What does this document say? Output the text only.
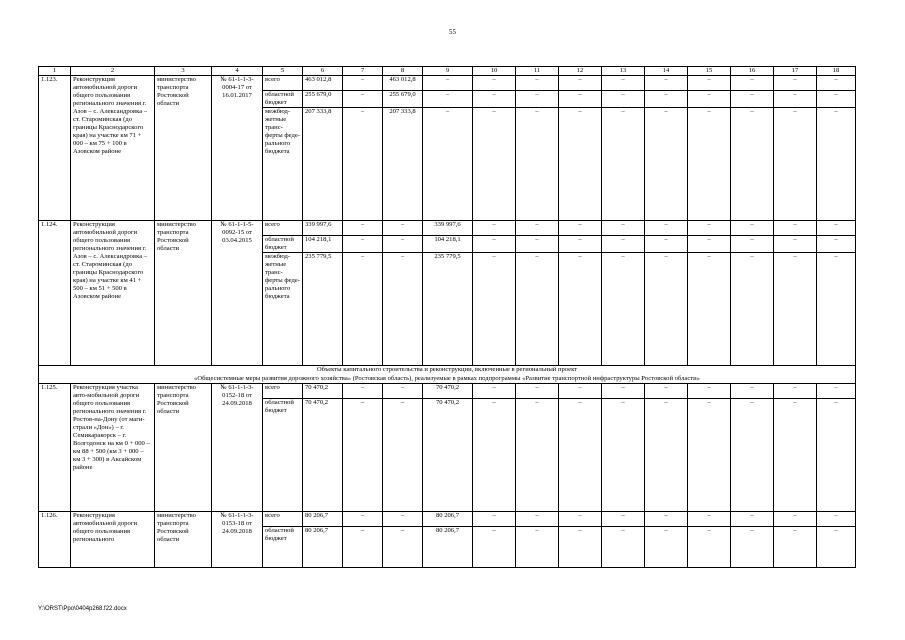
55
1	2	3	4	5	6	7	8	9	10	11	12	13	14	15	16	17	18
1.123.	Реконструкция автомобильной дороги общего пользования регионального значения г. Азов – с. Александровка – ст. Староминская (до границы Краснодарского края) на участке км 71 + 000 – км 75 + 100 в Азовском районе	министерство транспорта Ростовской области	№ 61-1-1-3-0004-17 от 16.01.2017	всего	463 012,8	–	463 012,8	–	–	–	–	–	–	–	–	–	–
				областной бюджет	255 679,0	–	255 679,0	–	–	–	–	–	–	–	–	–	–
				межбюд-жетные транс-ферты феде-рального бюджета	207 333,8	–	207 333,8	–	–	–	–	–	–	–	–	–	–
1.124.	Реконструкция автомобильной дороги общего пользования регионального значения г. Азов – с. Александровка – ст. Староминская (до границы Краснодарского края) на участке км 41 + 500 – км 51 + 500 в Азовском районе	министерство транспорта Ростовской области	№ 61-1-1-5-0092-15 от 03.04.2015	всего	339 997,6	–	–	339 997,6	–	–	–	–	–	–	–	–	–
				областной бюджет	104 218,1	–	–	104 218,1	–	–	–	–	–	–	–	–	–
				межбюд-жетные транс-ферты феде-рального бюджета	235 779,5	–	–	235 779,5	–	–	–	–	–	–	–	–	–

Объекты капитального строительства и реконструкции, включенные в региональный проект
«Общесистемные меры развития дорожного хозяйства» (Ростовская область), реализуемые в рамках подпрограммы «Развитие транспортной инфраструктуры Ростовской области»																	

1.125.	Реконструкция участка авто-мобильной дороги общего пользования регионального значения г. Ростов-на-Дону (от маги-страли «Дон») – г. Семикаракорск – г. Волгодонск на км 0 + 000 – км 88 + 500 (км 3 + 000 – км 3 + 300) в Аксайском районе	министерство транспорта Ростовской области	№ 61-1-1-3-0152-18 от 24.09.2018	всего	70 470,2	–	–	70 470,2	–	–	–	–	–	–	–	–	–
				областной бюджет	70 470,2	–	–	70 470,2	–	–	–	–	–	–	–	–	–
1.126.	Реконструкция автомобильной дороги общего пользования регионального	министерство транспорта Ростовской области	№ 61-1-1-3-0153-18 от 24.09.2018	всего	80 206,7	–	–	80 206,7	–	–	–	–	–	–	–	–	–
				областной бюджет	80 206,7	–	–	80 206,7	–	–	–	–	–	–	–	–	–
Y:\ORST\Ppo\0404p268.f22.docx
